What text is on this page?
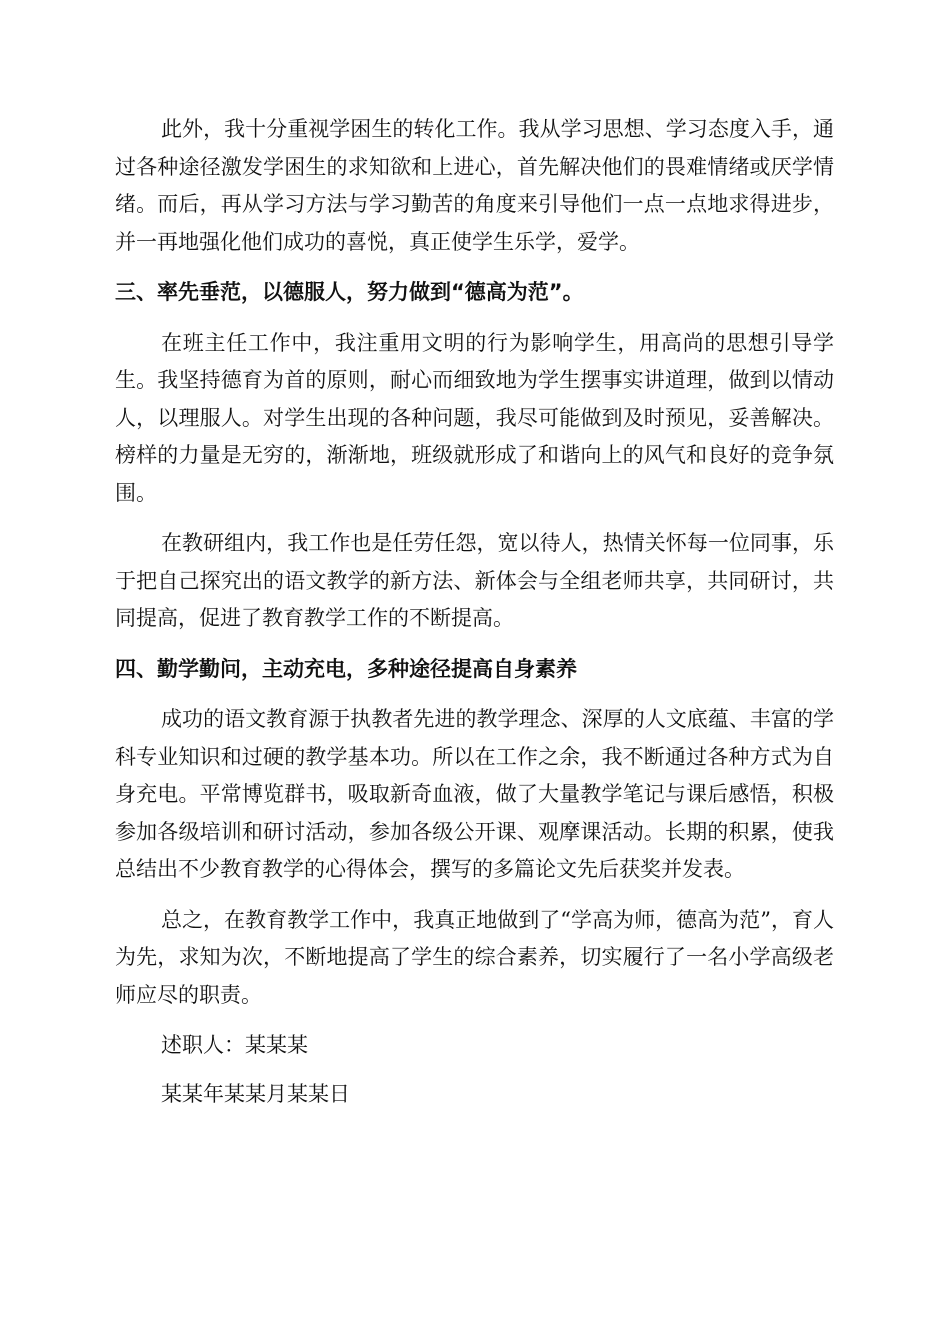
此外，我十分重视学困生的转化工作。我从学习思想、学习态度入手，通过各种途径激发学困生的求知欲和上进心，首先解决他们的畏难情绪或厌学情绪。而后，再从学习方法与学习勤苦的角度来引导他们一点一点地求得进步，并一再地强化他们成功的喜悦，真正使学生乐学，爱学。

三、率先垂范，以德服人，努力做到“德高为范”。

在班主任工作中，我注重用文明的行为影响学生，用高尚的思想引导学生。我坚持德育为首的原则，耐心而细致地为学生摆事实讲道理，做到以情动人，以理服人。对学生出现的各种问题，我尽可能做到及时预见，妥善解决。榜样的力量是无穷的，渐渐地，班级就形成了和谐向上的风气和良好的竞争氛围。

在教研组内，我工作也是任劳任怨，宽以待人，热情关怀每一位同事，乐于把自己探究出的语文教学的新方法、新体会与全组老师共享，共同研讨，共同提高，促进了教育教学工作的不断提高。

四、勤学勤问，主动充电，多种途径提高自身素养

成功的语文教育源于执教者先进的教学理念、深厚的人文底蕴、丰富的学科专业知识和过硬的教学基本功。所以在工作之余，我不断通过各种方式为自身充电。平常博览群书，吸取新奇血液，做了大量教学笔记与课后感悟，积极参加各级培训和研讨活动，参加各级公开课、观摩课活动。长期的积累，使我总结出不少教育教学的心得体会，撰写的多篇论文先后获奖并发表。

总之，在教育教学工作中，我真正地做到了“学高为师，德高为范”，育人为先，求知为次，不断地提高了学生的综合素养，切实履行了一名小学高级老师应尽的职责。

述职人：某某某

某某年某某月某某日
